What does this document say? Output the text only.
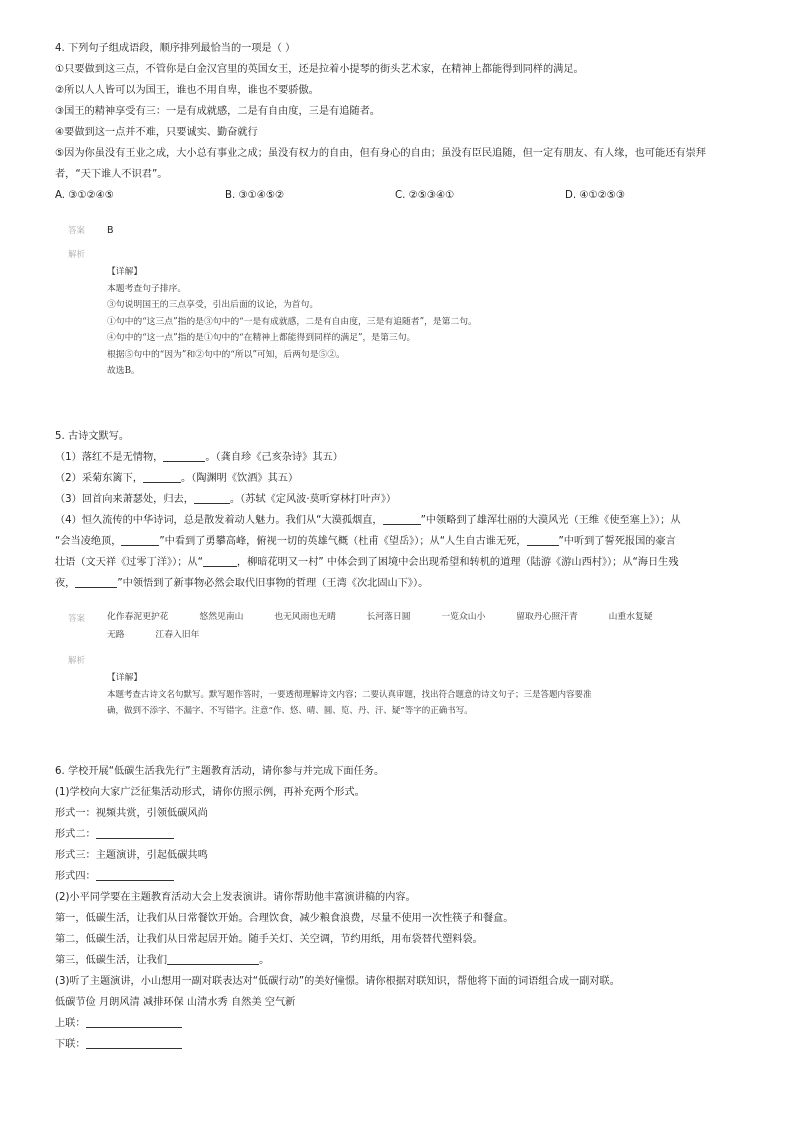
4. 下列句子组成语段，顺序排列最恰当的一项是（ ）
①只要做到这三点，不管你是白金汉宫里的英国女王，还是拉着小提琴的街头艺术家，在精神上都能得到同样的满足。
②所以人人皆可以为国王，谁也不用自卑，谁也不要骄傲。
③国王的精神享受有三：一是有成就感，二是有自由度，三是有追随者。
④要做到这一点并不难，只要诚实、勤奋就行
⑤因为你虽没有王业之成，大小总有事业之成；虽没有权力的自由，但有身心的自由；虽没有臣民追随，但一定有朋友、有人缘，也可能还有崇拜
者，“天下谁人不识君”。
A. ③①②④⑤	B. ③①④⑤②	C. ②⑤③④①	D. ④①②⑤③
答案 B
解析
【详解】
本题考查句子排序。
③句说明国王的三点享受，引出后面的议论，为首句。
①句中的“这三点”指的是③句中的“一是有成就感，二是有自由度，三是有追随者”，是第二句。
④句中的“这一点”指的是①句中的“在精神上都能得到同样的满足”，是第三句。
根据⑤句中的“因为”和②句中的“所以”可知，后两句是⑤②。
故选B。
5. 古诗文默写。
（1）落红不是无情物，	。（龚自珍《己亥杂诗》其五）
（2）采菊东篱下，	。（陶渊明《饮酒》其五）
（3）回首向来萧瑟处，归去，	。（苏轼《定风波·莫听穿林打叶声》）
（4）恒久流传的中华诗词，总是散发着动人魅力。我们从“大漠孤烟直，	”中领略到了雄浑壮丽的大漠风光（王维《使至塞上》）；从
“会当凌绝顶，	”中看到了勇攀高峰，俯视一切的英雄气概（杜甫《望岳》）；从“人生自古谁无死，	”中听到了誓死报国的豪言
壮语（文天祥《过零丁洋》）；从“	，柳暗花明又一村” 中体会到了困境中会出现希望和转机的道理（陆游《游山西村》）；从“海日生残
夜，	”中领悟到了新事物必然会取代旧事物的哲理（王湾《次北固山下》）。
答案 化作春泥更护花	悠然见南山	也无风雨也无晴	长河落日圆	一览众山小	留取丹心照汗青	山重水复疑
无路	江春入旧年
解析
【详解】
本题考查古诗文名句默写。默写题作答时，一要透彻理解诗文内容；二要认真审题，找出符合题意的诗文句子；三是答题内容要准
确，做到不添字、不漏字、不写错字。注意“作、悠、晴、圆、览、丹、汗、疑”等字的正确书写。
6. 学校开展“低碳生活我先行”主题教育活动，请你参与并完成下面任务。
(1)学校向大家广泛征集活动形式，请你仿照示例，再补充两个形式。
形式一：视频共赏，引领低碳风尚
形式二：
形式三：主题演讲，引起低碳共鸣
形式四：
(2)小平同学要在主题教育活动大会上发表演讲。请你帮助他丰富演讲稿的内容。
第一，低碳生活，让我们从日常餐饮开始。合理饮食，减少粮食浪费，尽量不使用一次性筷子和餐盒。
第二，低碳生活，让我们从日常起居开始。随手关灯、关空调，节约用纸，用布袋替代塑料袋。
第三，低碳生活，让我们	。
(3)听了主题演讲，小山想用一副对联表达对“低碳行动”的美好憧憬。请你根据对联知识，帮他将下面的词语组合成一副对联。
低碳节俭 月朗风清 减排环保 山清水秀 自然美 空气新
上联：
下联：
